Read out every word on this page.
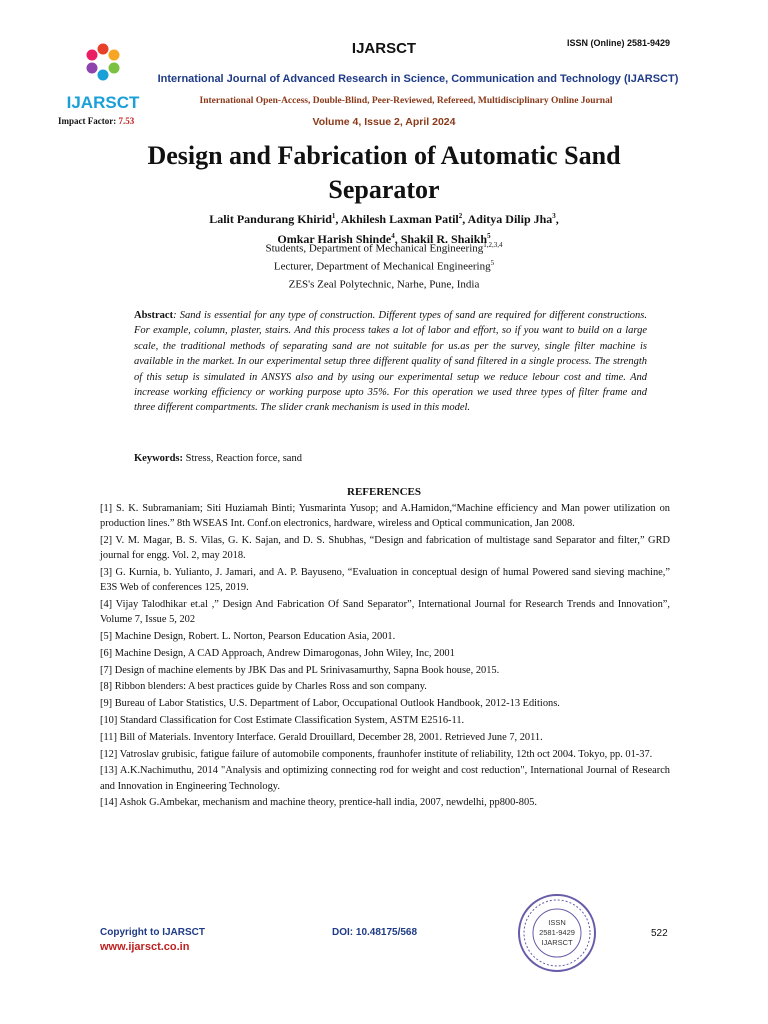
IJARSCT
IJARSCT	ISSN (Online) 2581-9429
International Journal of Advanced Research in Science, Communication and Technology (IJARSCT)
International Open-Access, Double-Blind, Peer-Reviewed, Refereed, Multidisciplinary Online Journal
Impact Factor: 7.53	Volume 4, Issue 2, April 2024
Design and Fabrication of Automatic Sand Separator
Lalit Pandurang Khirid$^1$, Akhilesh Laxman Patil$^2$, Aditya Dilip Jha$^3$,
Omkar Harish Shinde$^4$, Shakil R. Shaikh$^5$
Students, Department of Mechanical Engineering$^{1,2,3,4}$
Lecturer, Department of Mechanical Engineering$^5$
ZES's Zeal Polytechnic, Narhe, Pune, India
Abstract: Sand is essential for any type of construction. Different types of sand are required for different constructions. For example, column, plaster, stairs. And this process takes a lot of labor and effort, so if you want to build on a large scale, the traditional methods of separating sand are not suitable for us.as per the survey, single filter machine is available in the market. In our experimental setup three different quality of sand filtered in a single process. The strength of this setup is simulated in ANSYS also and by using our experimental setup we reduce lebour cost and time. And increase working efficiency or working purpose upto 35%. For this operation we used three types of filter frame and three different compartments. The slider crank mechanism is used in this model.
Keywords: Stress, Reaction force, sand
REFERENCES
[1] S. K. Subramaniam; Siti Huziamah Binti; Yusmarinta Yusop; and A.Hamidon,“Machine efficiency and Man power utilization on production lines.” 8th WSEAS Int. Conf.on electronics, hardware, wireless and Optical communication, Jan 2008.
[2] V. M. Magar, B. S. Vilas, G. K. Sajan, and D. S. Shubhas, “Design and fabrication of multistage sand Separator and filter,” GRD journal for engg. Vol. 2, may 2018.
[3] G. Kurnia, b. Yulianto, J. Jamari, and A. P. Bayuseno, “Evaluation in conceptual design of humal Powered sand sieving machine,” E3S Web of conferences 125, 2019.
[4] Vijay Talodhikar et.al ,” Design And Fabrication Of Sand Separator”, International Journal for Research Trends and Innovation”, Volume 7, Issue 5, 202
[5] Machine Design, Robert. L. Norton, Pearson Education Asia, 2001.
[6] Machine Design, A CAD Approach, Andrew Dimarogonas, John Wiley, Inc, 2001
[7] Design of machine elements by JBK Das and PL Srinivasamurthy, Sapna Book house, 2015.
[8] Ribbon blenders: A best practices guide by Charles Ross and son company.
[9] Bureau of Labor Statistics, U.S. Department of Labor, Occupational Outlook Handbook, 2012-13 Editions.
[10] Standard Classification for Cost Estimate Classification System, ASTM E2516-11.
[11] Bill of Materials. Inventory Interface. Gerald Drouillard, December 28, 2001. Retrieved June 7, 2011.
[12] Vatroslav grubisic, fatigue failure of automobile components, fraunhofer institute of reliability, 12th oct 2004. Tokyo, pp. 01-37.
[13] A.K.Nachimuthu, 2014 "Analysis and optimizing connecting rod for weight and cost reduction", International Journal of Research and Innovation in Engineering Technology.
[14] Ashok G.Ambekar, mechanism and machine theory, prentice-hall india, 2007, newdelhi, pp800-805.
Copyright to IJARSCT
www.ijarsct.co.in
DOI: 10.48175/568
ISSN
2581-9429
IJARSCT
522
